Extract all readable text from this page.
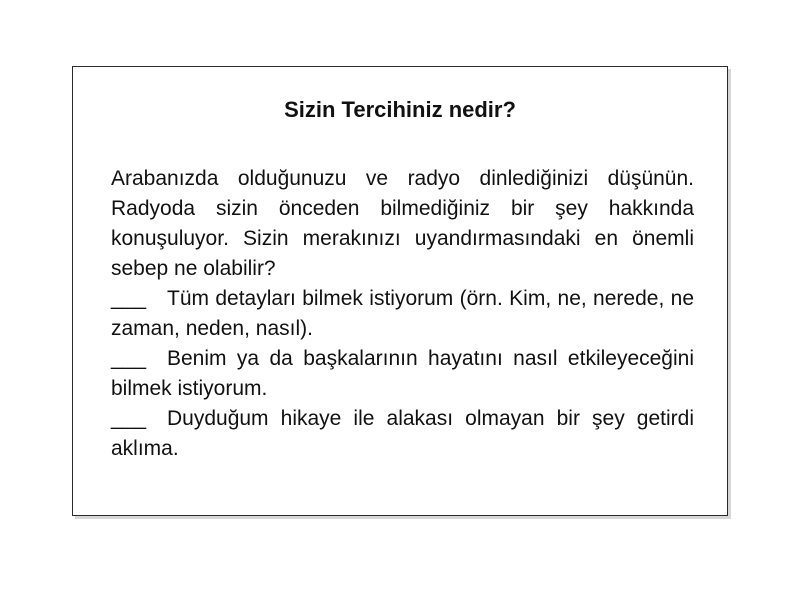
Sizin Tercihiniz nedir?

Arabanızda olduğunuzu ve radyo dinlediğinizi düşünün. Radyoda sizin önceden bilmediğiniz bir şey hakkında konuşuluyor. Sizin merakınızı uyandırmasındaki en önemli sebep ne olabilir?

___ Tüm detayları bilmek istiyorum (örn. Kim, ne, nerede, ne zaman, neden, nasıl).

___ Benim ya da başkalarının hayatını nasıl etkileyeceğini bilmek istiyorum.

___ Duyduğum hikaye ile alakası olmayan bir şey getirdi aklıma.
